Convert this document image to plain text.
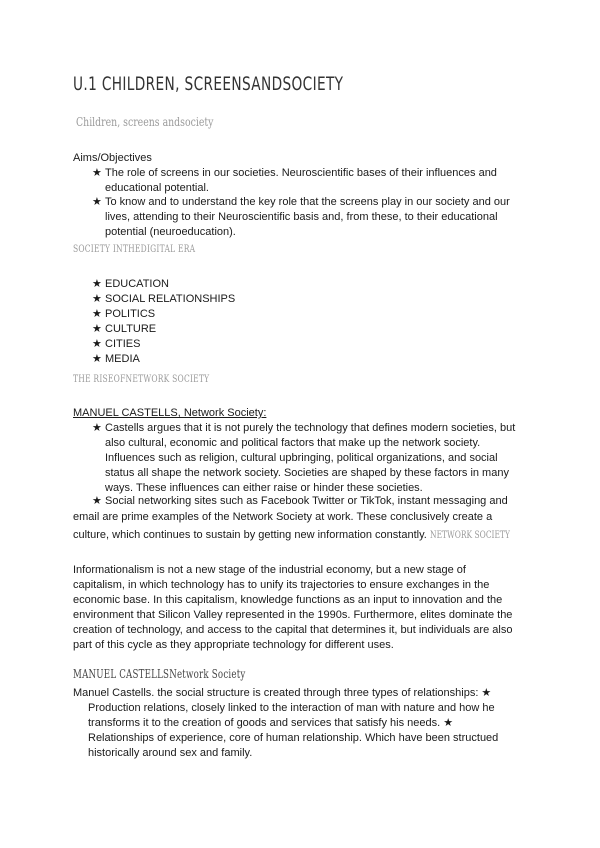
U.1 CHILDREN, SCREENSANDSOCIETY
Children, screens andsociety
Aims/Objectives
★ The role of screens in our societies. Neuroscientific bases of their influences and
educational potential.
★ To know and to understand the key role that the screens play in our society and our
lives, attending to their Neuroscientific basis and, from these, to their educational
potential (neuroeducation).
SOCIETY INTHEDIGITAL ERA
★ EDUCATION
★ SOCIAL RELATIONSHIPS
★ POLITICS
★ CULTURE
★ CITIES
★ MEDIA
THE RISEOFNETWORK SOCIETY
MANUEL CASTELLS, Network Society:
★ Castells argues that it is not purely the technology that defines modern societies, but
also cultural, economic and political factors that make up the network society.
Influences such as religion, cultural upbringing, political organizations, and social
status all shape the network society. Societies are shaped by these factors in many
ways. These influences can either raise or hinder these societies.
★ Social networking sites such as Facebook Twitter or TikTok, instant messaging and
email are prime examples of the Network Society at work. These conclusively create a
culture, which continues to sustain by getting new information constantly. NETWORK SOCIETY
Informationalism is not a new stage of the industrial economy, but a new stage of
capitalism, in which technology has to unify its trajectories to ensure exchanges in the
economic base. In this capitalism, knowledge functions as an input to innovation and the
environment that Silicon Valley represented in the 1990s. Furthermore, elites dominate the
creation of technology, and access to the capital that determines it, but individuals are also
part of this cycle as they appropriate technology for different uses.
MANUEL CASTELLSNetwork Society
Manuel Castells. the social structure is created through three types of relationships: ★
Production relations, closely linked to the interaction of man with nature and how he
transforms it to the creation of goods and services that satisfy his needs. ★
Relationships of experience, core of human relationship. Which have been structued
historically around sex and family.
